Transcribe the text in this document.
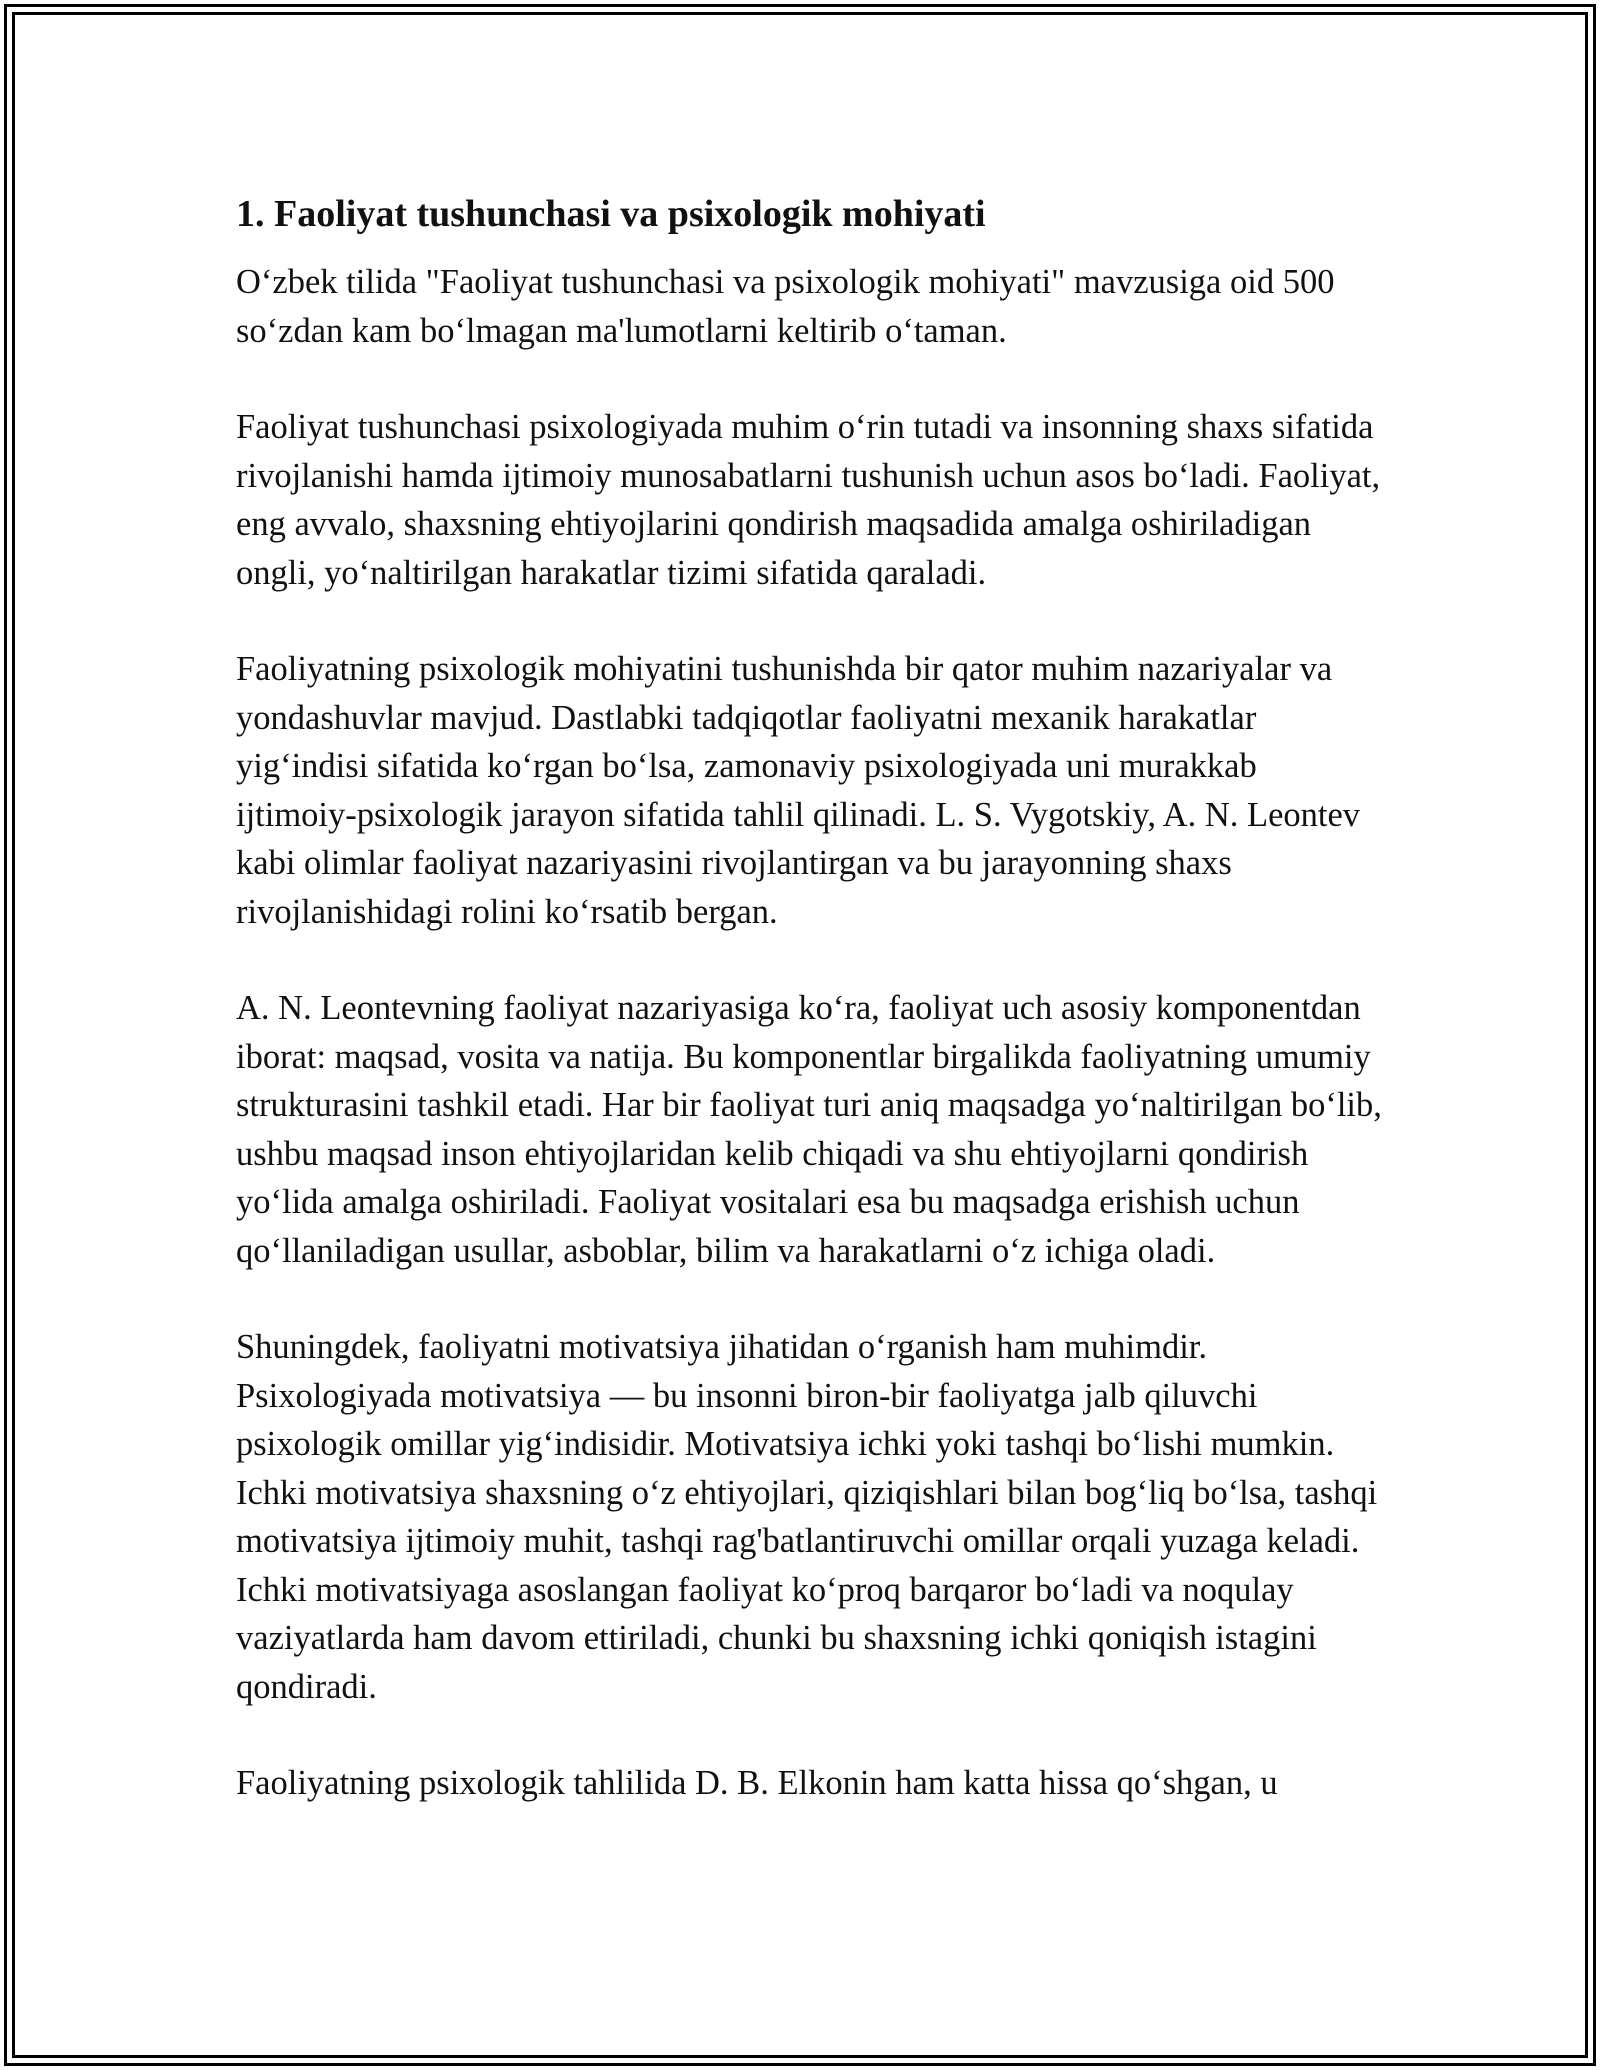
1. Faoliyat tushunchasi va psixologik mohiyati

O‘zbek tilida "Faoliyat tushunchasi va psixologik mohiyati" mavzusiga oid 500 so‘zdan kam bo‘lmagan ma'lumotlarni keltirib o‘taman.

Faoliyat tushunchasi psixologiyada muhim o‘rin tutadi va insonning shaxs sifatida rivojlanishi hamda ijtimoiy munosabatlarni tushunish uchun asos bo‘ladi. Faoliyat, eng avvalo, shaxsning ehtiyojlarini qondirish maqsadida amalga oshiriladigan ongli, yo‘naltirilgan harakatlar tizimi sifatida qaraladi.

Faoliyatning psixologik mohiyatini tushunishda bir qator muhim nazariyalar va yondashuvlar mavjud. Dastlabki tadqiqotlar faoliyatni mexanik harakatlar yig‘indisi sifatida ko‘rgan bo‘lsa, zamonaviy psixologiyada uni murakkab ijtimoiy-psixologik jarayon sifatida tahlil qilinadi. L. S. Vygotskiy, A. N. Leontev kabi olimlar faoliyat nazariyasini rivojlantirgan va bu jarayonning shaxs rivojlanishidagi rolini ko‘rsatib bergan.

A. N. Leontevning faoliyat nazariyasiga ko‘ra, faoliyat uch asosiy komponentdan iborat: maqsad, vosita va natija. Bu komponentlar birgalikda faoliyatning umumiy strukturasini tashkil etadi. Har bir faoliyat turi aniq maqsadga yo‘naltirilgan bo‘lib, ushbu maqsad inson ehtiyojlaridan kelib chiqadi va shu ehtiyojlarni qondirish yo‘lida amalga oshiriladi. Faoliyat vositalari esa bu maqsadga erishish uchun qo‘llaniladigan usullar, asboblar, bilim va harakatlarni o‘z ichiga oladi.

Shuningdek, faoliyatni motivatsiya jihatidan o‘rganish ham muhimdir. Psixologiyada motivatsiya — bu insonni biron-bir faoliyatga jalb qiluvchi psixologik omillar yig‘indisidir. Motivatsiya ichki yoki tashqi bo‘lishi mumkin. Ichki motivatsiya shaxsning o‘z ehtiyojlari, qiziqishlari bilan bog‘liq bo‘lsa, tashqi motivatsiya ijtimoiy muhit, tashqi rag'batlantiruvchi omillar orqali yuzaga keladi. Ichki motivatsiyaga asoslangan faoliyat ko‘proq barqaror bo‘ladi va noqulay vaziyatlarda ham davom ettiriladi, chunki bu shaxsning ichki qoniqish istagini qondiradi.

Faoliyatning psixologik tahlilida D. B. Elkonin ham katta hissa qo‘shgan, u
